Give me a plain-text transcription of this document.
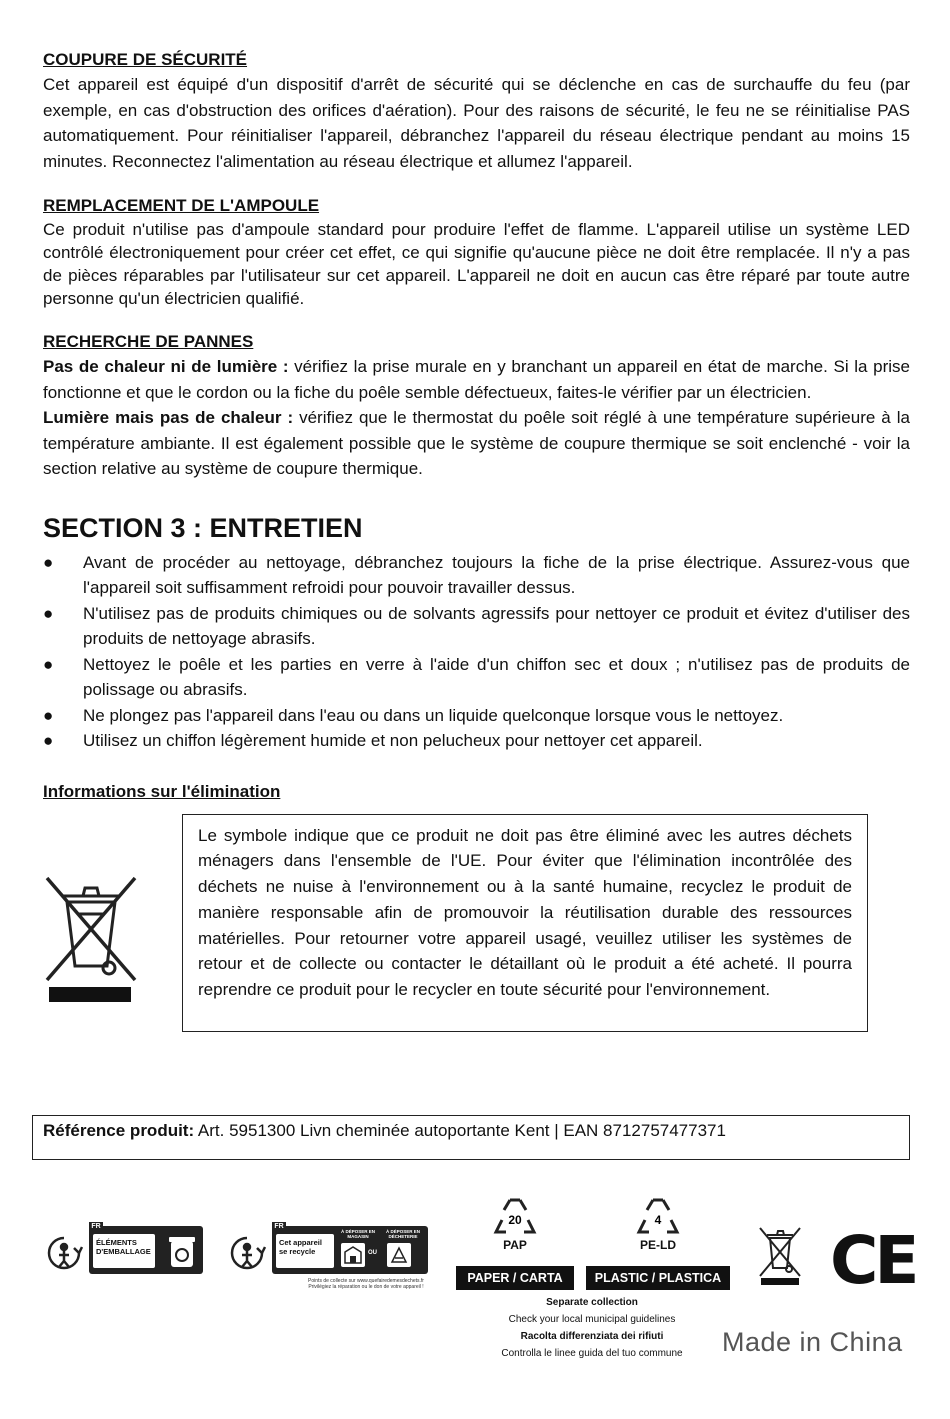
COUPURE DE SÉCURITÉ

Cet appareil est équipé d'un dispositif d'arrêt de sécurité qui se déclenche en cas de surchauffe du feu (par exemple, en cas d'obstruction des orifices d'aération). Pour des raisons de sécurité, le feu ne se réinitialise PAS automatiquement. Pour réinitialiser l'appareil, débranchez l'appareil du réseau électrique pendant au moins 15 minutes. Reconnectez l'alimentation au réseau électrique et allumez l'appareil.

REMPLACEMENT DE L'AMPOULE

Ce produit n'utilise pas d'ampoule standard pour produire l'effet de flamme. L'appareil utilise un système LED contrôlé électroniquement pour créer cet effet, ce qui signifie qu'aucune pièce ne doit être remplacée. Il n'y a pas de pièces réparables par l'utilisateur sur cet appareil. L'appareil ne doit en aucun cas être réparé par toute autre personne qu'un électricien qualifié.

RECHERCHE DE PANNES

Pas de chaleur ni de lumière : vérifiez la prise murale en y branchant un appareil en état de marche. Si la prise fonctionne et que le cordon ou la fiche du poêle semble défectueux, faites-le vérifier par un électricien.

Lumière mais pas de chaleur : vérifiez que le thermostat du poêle soit réglé à une température supérieure à la température ambiante. Il est également possible que le système de coupure thermique se soit enclenché - voir la section relative au système de coupure thermique.

SECTION 3 : ENTRETIEN
● Avant de procéder au nettoyage, débranchez toujours la fiche de la prise électrique. Assurez-vous que l'appareil soit suffisamment refroidi pour pouvoir travailler dessus.
● N'utilisez pas de produits chimiques ou de solvants agressifs pour nettoyer ce produit et évitez d'utiliser des produits de nettoyage abrasifs.
● Nettoyez le poêle et les parties en verre à l'aide d'un chiffon sec et doux ; n'utilisez pas de produits de polissage ou abrasifs.
● Ne plongez pas l'appareil dans l'eau ou dans un liquide quelconque lorsque vous le nettoyez.
● Utilisez un chiffon légèrement humide et non pelucheux pour nettoyer cet appareil.
Informations sur l'élimination

Le symbole indique que ce produit ne doit pas être éliminé avec les autres déchets ménagers dans l'ensemble de l'UE. Pour éviter que l'élimination incontrôlée des déchets ne nuise à l'environnement ou à la santé humaine, recyclez le produit de manière responsable afin de promouvoir la réutilisation durable des ressources matérielles. Pour retourner votre appareil usagé, veuillez utiliser les systèmes de retour et de collecte ou contacter le détaillant où le produit a été acheté. Il pourra reprendre ce produit pour le recycler en toute sécurité pour l'environnement.

Référence produit: Art. 5951300 Livn cheminée autoportante Kent | EAN 8712757477371
FR
ÉLÉMENTS
D'EMBALLAGE
FR
Cet appareil
se recycle
À DÉPOSER EN MAGASIN
À DÉPOSER EN DÉCHETERIE
OU
Points de collecte sur www.quefairedemesdechets.fr
Privilégiez la réparation ou le don de votre appareil !
20
PAP
PAPER / CARTA
4
PE-LD
PLASTIC / PLASTICA
Separate collection
Check your local municipal guidelines
Racolta differenziata dei rifiuti
Controlla le linee guida del tuo commune
CE
Made in China
